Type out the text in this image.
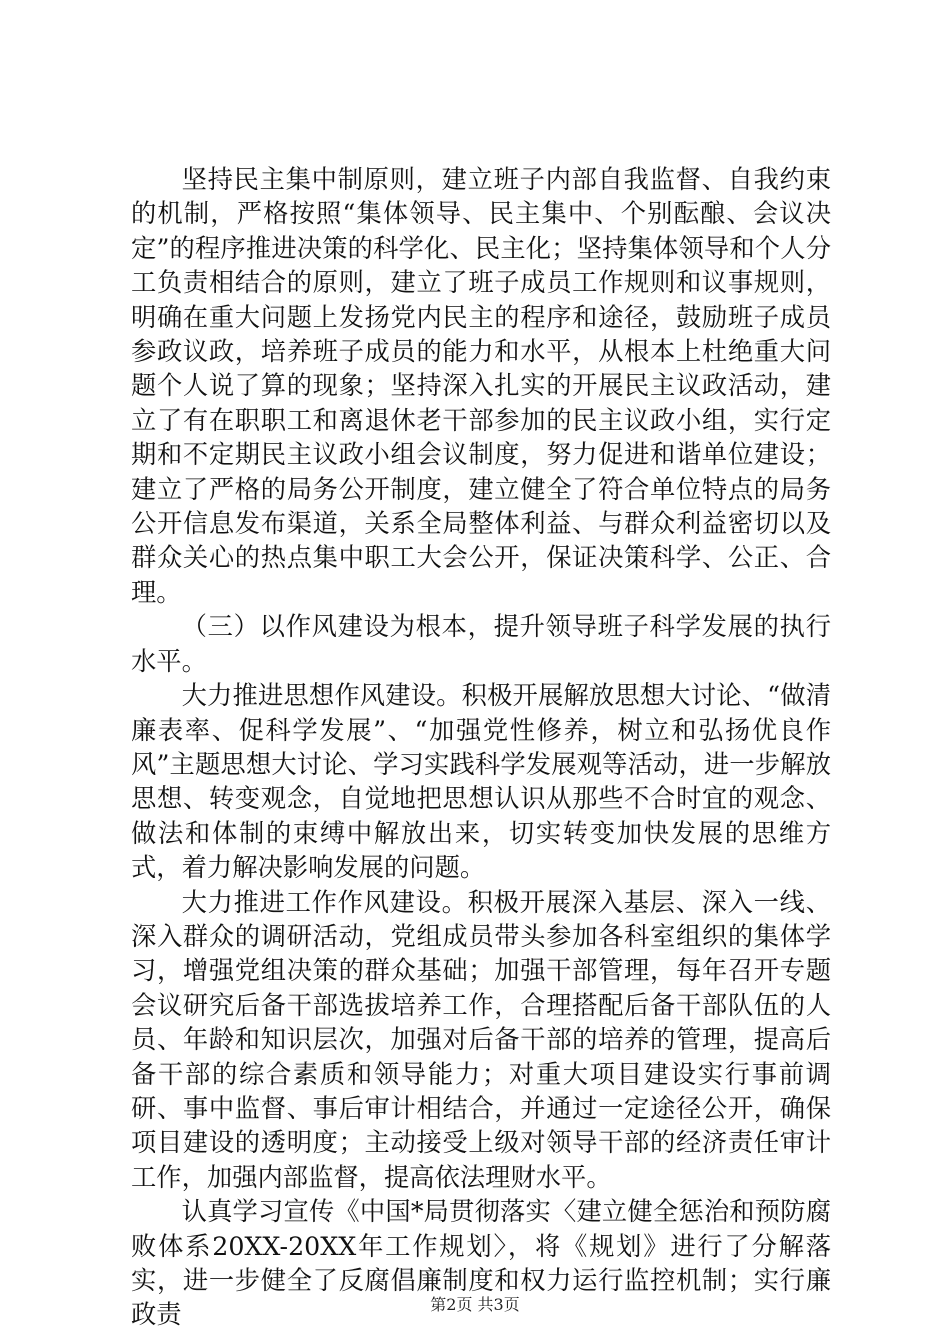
坚持民主集中制原则，建立班子内部自我监督、自我约束的机制，严格按照“集体领导、民主集中、个别酝酿、会议决定”的程序推进决策的科学化、民主化；坚持集体领导和个人分工负责相结合的原则，建立了班子成员工作规则和议事规则，明确在重大问题上发扬党内民主的程序和途径，鼓励班子成员参政议政，培养班子成员的能力和水平，从根本上杜绝重大问题个人说了算的现象；坚持深入扎实的开展民主议政活动，建立了有在职职工和离退休老干部参加的民主议政小组，实行定期和不定期民主议政小组会议制度，努力促进和谐单位建设；建立了严格的局务公开制度，建立健全了符合单位特点的局务公开信息发布渠道，关系全局整体利益、与群众利益密切以及群众关心的热点集中职工大会公开，保证决策科学、公正、合理。

（三）以作风建设为根本，提升领导班子科学发展的执行水平。

大力推进思想作风建设。积极开展解放思想大讨论、“做清廉表率、促科学发展”、“加强党性修养，树立和弘扬优良作风”主题思想大讨论、学习实践科学发展观等活动，进一步解放思想、转变观念，自觉地把思想认识从那些不合时宜的观念、做法和体制的束缚中解放出来，切实转变加快发展的思维方式，着力解决影响发展的问题。

大力推进工作作风建设。积极开展深入基层、深入一线、深入群众的调研活动，党组成员带头参加各科室组织的集体学习，增强党组决策的群众基础；加强干部管理，每年召开专题会议研究后备干部选拔培养工作，合理搭配后备干部队伍的人员、年龄和知识层次，加强对后备干部的培养的管理，提高后备干部的综合素质和领导能力；对重大项目建设实行事前调研、事中监督、事后审计相结合，并通过一定途径公开，确保项目建设的透明度；主动接受上级对领导干部的经济责任审计工作，加强内部监督，提高依法理财水平。

认真学习宣传《中国*局贯彻落实〈建立健全惩治和预防腐败体系20XX-20XX年工作规划〉，将《规划》进行了分解落实，进一步健全了反腐倡廉制度和权力运行监控机制；实行廉政责	第2页 共3页
